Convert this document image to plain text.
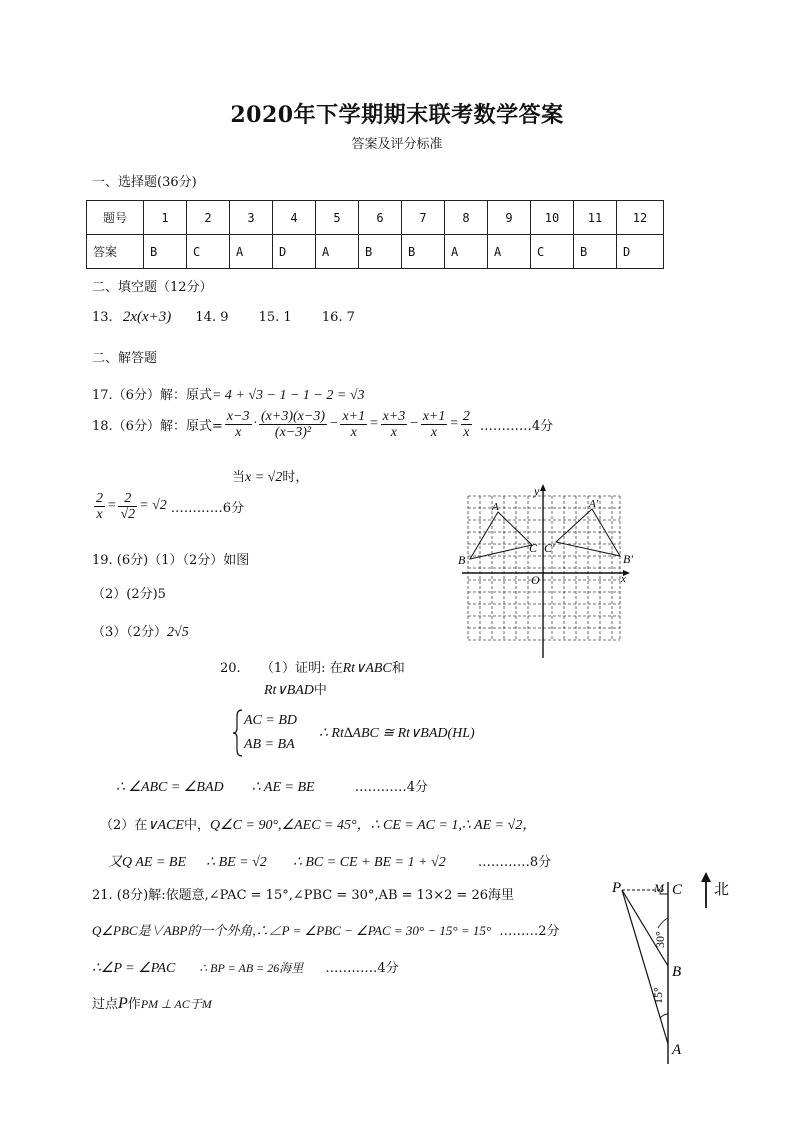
2020年下学期期末联考数学答案
答案及评分标准
一、选择题(36分)
题号	1	2	3	4	5	6	7	8	9	10	11	12
答案	B	C	A	D	A	B	B	A	A	C	B	D
二、填空题（12分）
13. 2x(x+3) 14. 9 15. 1 16. 7
二、解答题
17.（6分）解：原式= 4 + √3 − 1 − 1 − 2 = √3
18.（6分）解：原式= $\frac{x-3}{x} \cdot \frac{(x+3)(x-3)}{\text{(x−3)²}} - \frac{x+1}{x} = \frac{x+3}{x} - \frac{x+1}{x} = \frac{2}{x}$ …………4分
当x = √2时，
$\frac{2}{x} = \frac{2}{√2} = √2$ …………6分
19. (6分)（1）（2分）如图
（2）(2分)5
（3）（2分）2√5
y
x
O
A
B
C C'
A'
B'
20. （1）证明: 在Rt∨ABC和
Rt∨BAD中
AC = BD
AB = BA
∴ Rt∆ABC ≅ Rt∨BAD(HL)
∴ ∠ABC = ∠BAD ∴ AE = BE	…………4分
（2）在∨ACE中，Q∠C = 90°,∠AEC = 45°，∴ CE = AC = 1,∴ AE = √2，
又Q AE = BE ∴ BE = √2 ∴ BC = CE + BE = 1 + √2 …………8分
21. (8分)解:依题意,∠PAC = 15°,∠PBC = 30°,AB = 13×2 = 26海里
Q∠PBC是∨ABP的一个外角,∴∠P = ∠PBC − ∠PAC = 30° − 15° = 15° ………2分
∴∠P = ∠PAC ∴ BP = AB = 26海里 …………4分
过点P作PM ⊥ AC于M
P	M C 北
30°
B
15°
A
